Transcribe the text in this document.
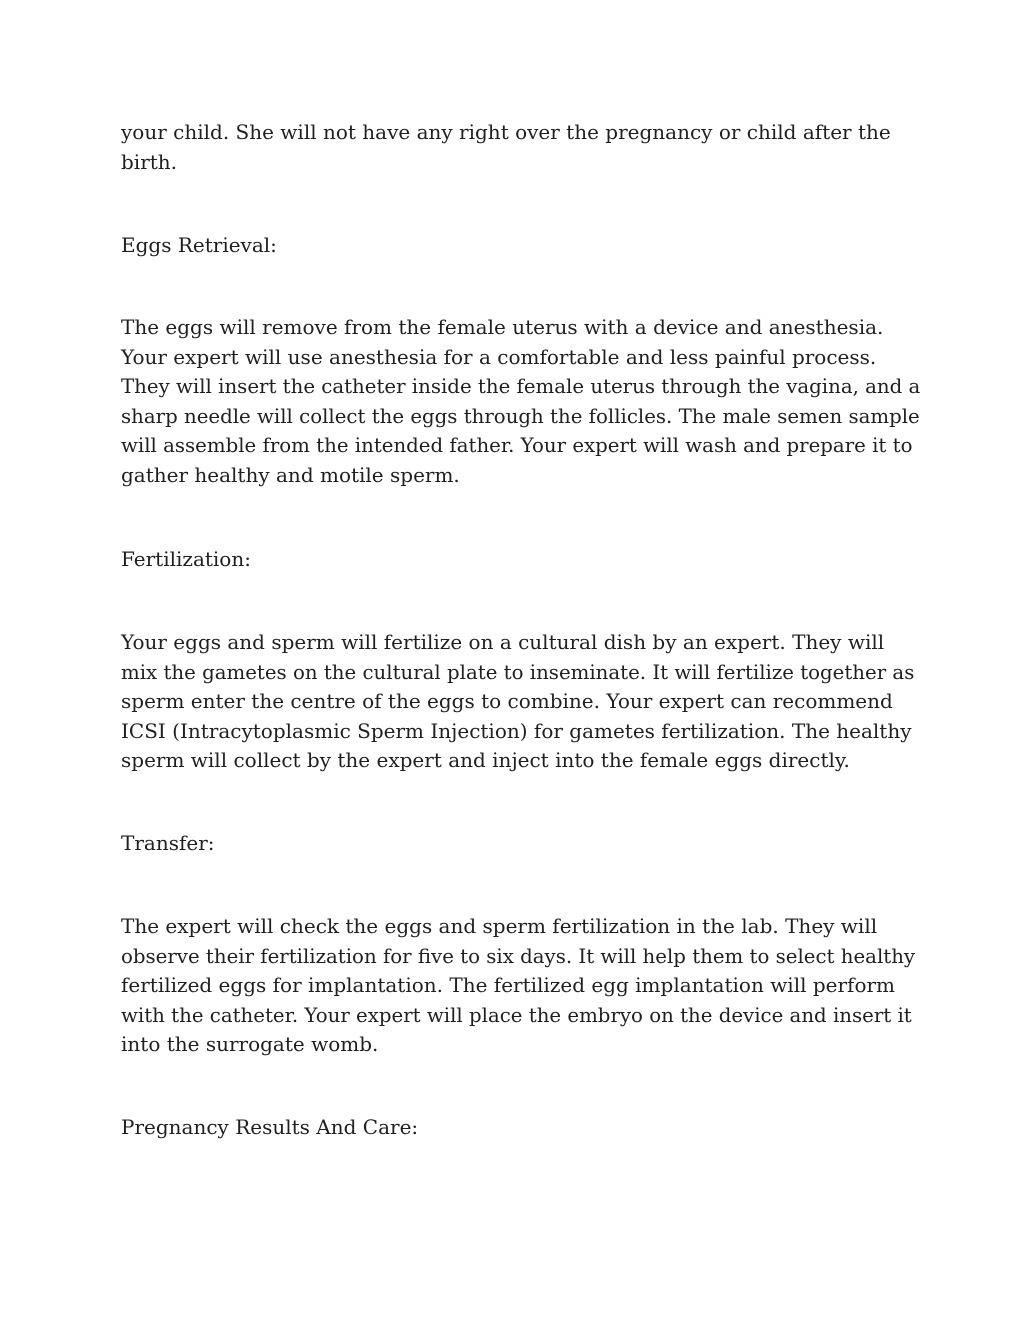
your child. She will not have any right over the pregnancy or child after the
birth.

Eggs Retrieval:

The eggs will remove from the female uterus with a device and anesthesia.
Your expert will use anesthesia for a comfortable and less painful process.
They will insert the catheter inside the female uterus through the vagina, and a
sharp needle will collect the eggs through the follicles. The male semen sample
will assemble from the intended father. Your expert will wash and prepare it to
gather healthy and motile sperm.

Fertilization:

Your eggs and sperm will fertilize on a cultural dish by an expert. They will
mix the gametes on the cultural plate to inseminate. It will fertilize together as
sperm enter the centre of the eggs to combine. Your expert can recommend
ICSI (Intracytoplasmic Sperm Injection) for gametes fertilization. The healthy
sperm will collect by the expert and inject into the female eggs directly.

Transfer:

The expert will check the eggs and sperm fertilization in the lab. They will
observe their fertilization for five to six days. It will help them to select healthy
fertilized eggs for implantation. The fertilized egg implantation will perform
with the catheter. Your expert will place the embryo on the device and insert it
into the surrogate womb.

Pregnancy Results And Care:
